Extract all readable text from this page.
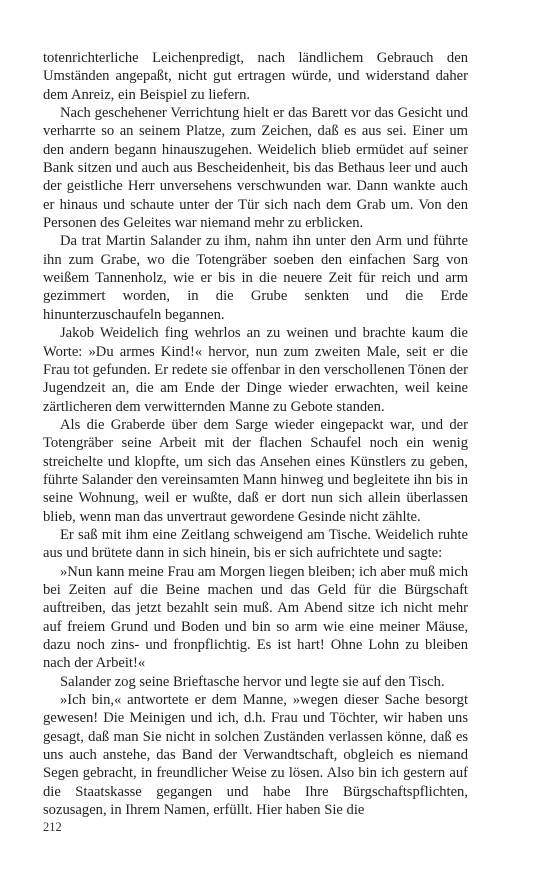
totenrichterliche Leichenpredigt, nach ländlichem Gebrauch den Umständen angepaßt, nicht gut ertragen würde, und widerstand daher dem Anreiz, ein Beispiel zu liefern.

Nach geschehener Verrichtung hielt er das Barett vor das Gesicht und verharrte so an seinem Platze, zum Zeichen, daß es aus sei. Einer um den andern begann hinauszugehen. Weidelich blieb ermüdet auf seiner Bank sitzen und auch aus Bescheidenheit, bis das Bethaus leer und auch der geistliche Herr unversehens verschwunden war. Dann wankte auch er hinaus und schaute unter der Tür sich nach dem Grab um. Von den Personen des Geleites war niemand mehr zu erblicken.

Da trat Martin Salander zu ihm, nahm ihn unter den Arm und führte ihn zum Grabe, wo die Totengräber soeben den einfachen Sarg von weißem Tannenholz, wie er bis in die neuere Zeit für reich und arm gezimmert worden, in die Grube senkten und die Erde hinunterzuschaufeln begannen.

Jakob Weidelich fing wehrlos an zu weinen und brachte kaum die Worte: »Du armes Kind!« hervor, nun zum zweiten Male, seit er die Frau tot gefunden. Er redete sie offenbar in den verschollenen Tönen der Jugendzeit an, die am Ende der Dinge wieder erwachten, weil keine zärtlicheren dem verwitternden Manne zu Gebote standen.

Als die Graberde über dem Sarge wieder eingepackt war, und der Totengräber seine Arbeit mit der flachen Schaufel noch ein wenig streichelte und klopfte, um sich das Ansehen eines Künstlers zu geben, führte Salander den vereinsamten Mann hinweg und begleitete ihn bis in seine Wohnung, weil er wußte, daß er dort nun sich allein überlassen blieb, wenn man das unvertraut gewordene Gesinde nicht zählte.

Er saß mit ihm eine Zeitlang schweigend am Tische. Weidelich ruhte aus und brütete dann in sich hinein, bis er sich aufrichtete und sagte:

»Nun kann meine Frau am Morgen liegen bleiben; ich aber muß mich bei Zeiten auf die Beine machen und das Geld für die Bürgschaft auftreiben, das jetzt bezahlt sein muß. Am Abend sitze ich nicht mehr auf freiem Grund und Boden und bin so arm wie eine meiner Mäuse, dazu noch zins- und fronpflichtig. Es ist hart! Ohne Lohn zu bleiben nach der Arbeit!«

Salander zog seine Brieftasche hervor und legte sie auf den Tisch.

»Ich bin,« antwortete er dem Manne, »wegen dieser Sache besorgt gewesen! Die Meinigen und ich, d.h. Frau und Töchter, wir haben uns gesagt, daß man Sie nicht in solchen Zuständen verlassen könne, daß es uns auch anstehe, das Band der Verwandtschaft, obgleich es niemand Segen gebracht, in freundlicher Weise zu lösen. Also bin ich gestern auf die Staatskasse gegangen und habe Ihre Bürgschaftspflichten, sozusagen, in Ihrem Namen, erfüllt. Hier haben Sie die

212
